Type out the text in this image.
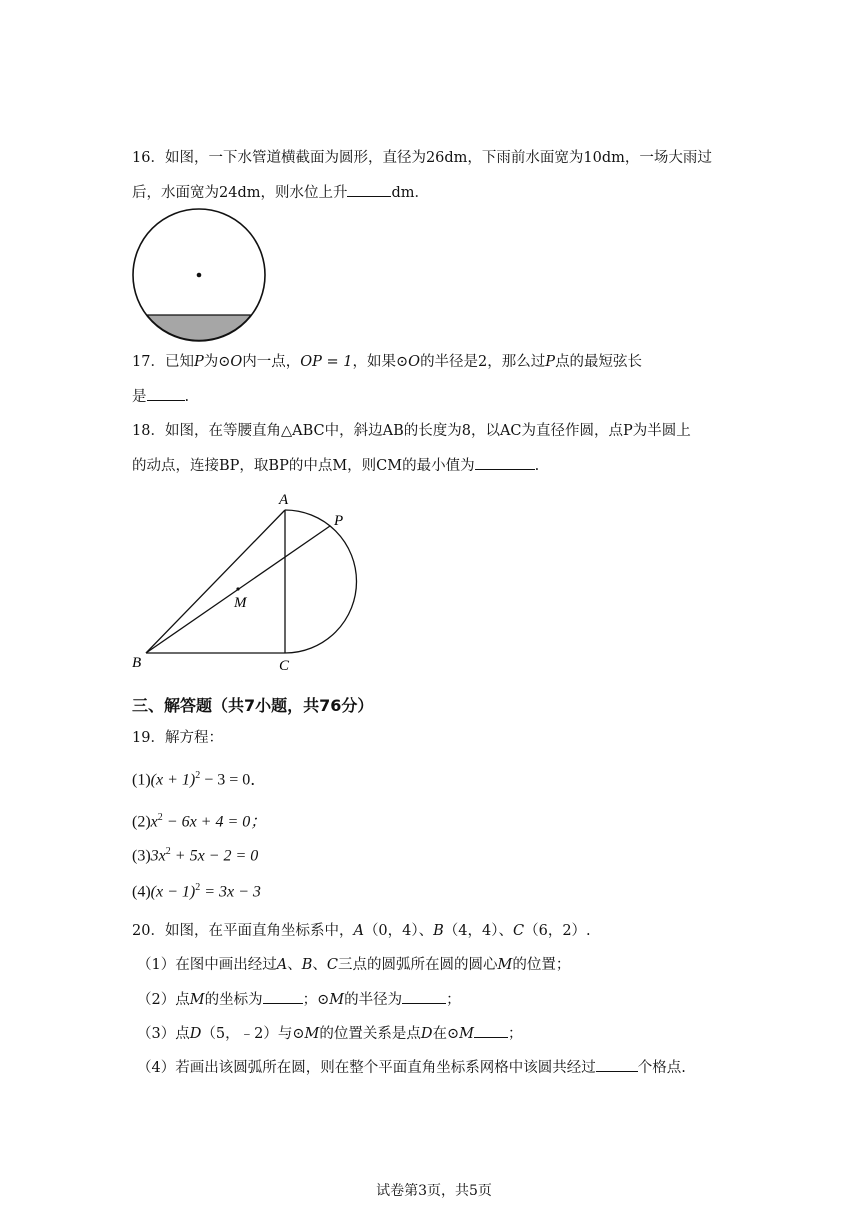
16．如图，一下水管道横截面为圆形，直径为26dm，下雨前水面宽为10dm，一场大雨过
后，水面宽为24dm，则水位上升	dm．
17．已知P为⊙O内一点，OP = 1，如果⊙O的半径是2，那么过P点的最短弦长
是	.
18．如图，在等腰直角△ABC中，斜边AB的长度为8，以AC为直径作圆，点P为半圆上
的动点，连接BP，取BP的中点M，则CM的最小值为	.
A
P
M
B	C
三、解答题（共7小题，共76分）
19．解方程：
$(1)(x + 1)^2 - 3 = 0$．
$(2)x^2 - 6x + 4 = 0$；
$(3)3x^2 + 5x - 2 = 0$
$(4)(x - 1)^2 = 3x - 3$
20．如图，在平面直角坐标系中，A（0，4）、B（4，4）、C（6，2）.
（1）在图中画出经过A、B、C三点的圆弧所在圆的圆心M的位置；
（2）点M的坐标为	；⊙M的半径为	；
（3）点D（5，﹣2）与⊙M的位置关系是点D在⊙M ；
（4）若画出该圆弧所在圆，则在整个平面直角坐标系网格中该圆共经过	个格点.
试卷第3页，共5页
